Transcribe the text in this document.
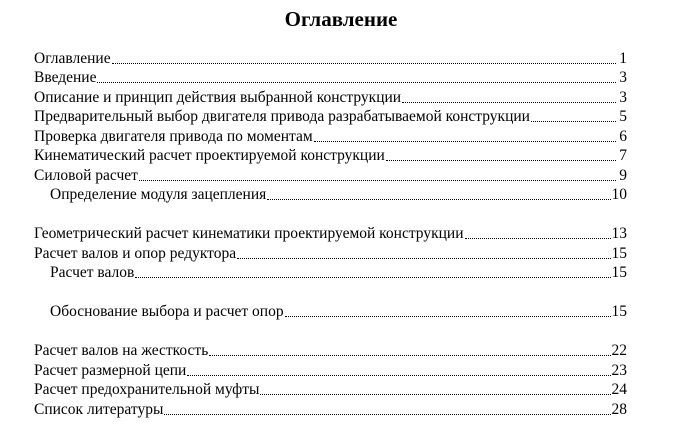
Оглавление
Оглавление	1
Введение	3
Описание и принцип действия выбранной конструкции	3
Предварительный выбор двигателя привода разрабатываемой конструкции	5
Проверка двигателя привода по моментам	6
Кинематический расчет проектируемой конструкции	7
Силовой расчет	9
Определение модуля зацепления	10
Геометрический расчет кинематики проектируемой конструкции	13
Расчет валов и опор редуктора	15
Расчет валов	15
Обоснование выбора и расчет опор	15
Расчет валов на жесткость	22
Расчет размерной цепи	23
Расчет предохранительной муфты	24
Список литературы	28
